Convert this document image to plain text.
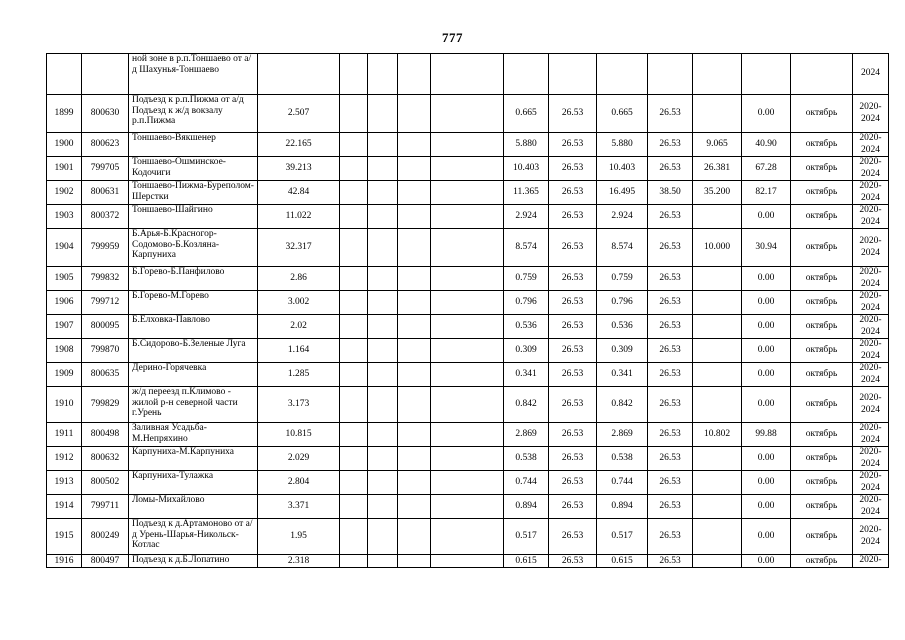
777
		ной зоне в р.п.Тоншаево от а/д Шахунья-Тоншаево													2024

1899	800630	Подъезд к р.п.Пижма от а/д Подъезд к ж/д вокзалу р.п.Пижма	2.507					0.665	26.53	0.665	26.53		0.00	октябрь	2020-
2024

1900	800623	Тоншаево-Вякшенер	22.165					5.880	26.53	5.880	26.53	9.065	40.90	октябрь	2020-
2024

1901	799705	Тоншаево-Ошминское-Кодочиги	39.213					10.403	26.53	10.403	26.53	26.381	67.28	октябрь	2020-
2024

1902	800631	Тоншаево-Пижма-Буреполом-Шерстки	42.84					11.365	26.53	16.495	38.50	35.200	82.17	октябрь	2020-
2024

1903	800372	Тоншаево-Шайгино	11.022					2.924	26.53	2.924	26.53		0.00	октябрь	2020-
2024

1904	799959	Б.Арья-Б.Красногор-Содомово-Б.Козляна-Карпуниха	32.317					8.574	26.53	8.574	26.53	10.000	30.94	октябрь	2020-
2024

1905	799832	Б.Горево-Б.Панфилово	2.86					0.759	26.53	0.759	26.53		0.00	октябрь	2020-
2024

1906	799712	Б.Горево-М.Горево	3.002					0.796	26.53	0.796	26.53		0.00	октябрь	2020-
2024

1907	800095	Б.Елховка-Павлово	2.02					0.536	26.53	0.536	26.53		0.00	октябрь	2020-
2024

1908	799870	Б.Сидорово-Б.Зеленые Луга	1.164					0.309	26.53	0.309	26.53		0.00	октябрь	2020-
2024

1909	800635	Дерино-Горячевка	1.285					0.341	26.53	0.341	26.53		0.00	октябрь	2020-
2024

1910	799829	ж/д переезд п.Климово - жилой р-н северной части г.Урень	3.173					0.842	26.53	0.842	26.53		0.00	октябрь	2020-
2024

1911	800498	Заливная Усадьба-М.Непряхино	10.815					2.869	26.53	2.869	26.53	10.802	99.88	октябрь	2020-
2024

1912	800632	Карпуниха-М.Карпуниха	2.029					0.538	26.53	0.538	26.53		0.00	октябрь	2020-
2024

1913	800502	Карпуниха-Тулажка	2.804					0.744	26.53	0.744	26.53		0.00	октябрь	2020-
2024

1914	799711	Ломы-Михайлово	3.371					0.894	26.53	0.894	26.53		0.00	октябрь	2020-
2024

1915	800249	Подъезд к д.Артамоново от а/д Урень-Шарья-Никольск-Котлас	1.95					0.517	26.53	0.517	26.53		0.00	октябрь	2020-
2024

1916	800497	Подъезд к д.Б.Лопатино	2.318					0.615	26.53	0.615	26.53		0.00	октябрь	2020-
